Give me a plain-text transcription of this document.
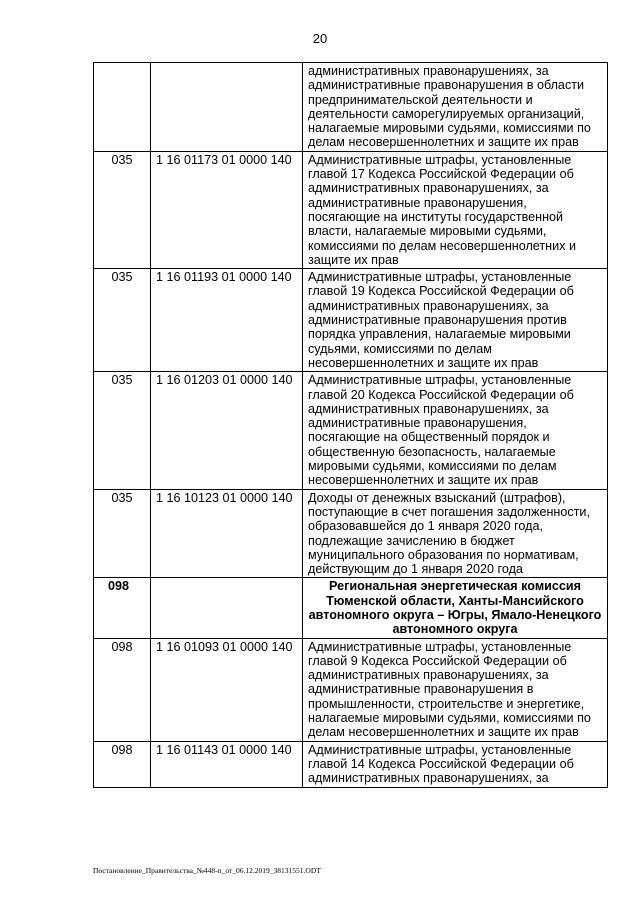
20
		административных правонарушениях, за административные правонарушения в области предпринимательской деятельности и деятельности саморегулируемых организаций, налагаемые мировыми судьями, комиссиями по делам несовершеннолетних и защите их прав
035	1 16 01173 01 0000 140	Административные штрафы, установленные главой 17 Кодекса Российской Федерации об административных правонарушениях, за административные правонарушения, посягающие на институты государственной власти, налагаемые мировыми судьями, комиссиями по делам несовершеннолетних и защите их прав
035	1 16 01193 01 0000 140	Административные штрафы, установленные главой 19 Кодекса Российской Федерации об административных правонарушениях, за административные правонарушения против порядка управления, налагаемые мировыми судьями, комиссиями по делам несовершеннолетних и защите их прав
035	1 16 01203 01 0000 140	Административные штрафы, установленные главой 20 Кодекса Российской Федерации об административных правонарушениях, за административные правонарушения, посягающие на общественный порядок и общественную безопасность, налагаемые мировыми судьями, комиссиями по делам несовершеннолетних и защите их прав
035	1 16 10123 01 0000 140	Доходы от денежных взысканий (штрафов), поступающие в счет погашения задолженности, образовавшейся до 1 января 2020 года, подлежащие зачислению в бюджет муниципального образования по нормативам, действующим до 1 января 2020 года
098		Региональная энергетическая комиссия Тюменской области, Ханты-Мансийского автономного округа – Югры, Ямало-Ненецкого автономного округа
098	1 16 01093 01 0000 140	Административные штрафы, установленные главой 9 Кодекса Российской Федерации об административных правонарушениях, за административные правонарушения в промышленности, строительстве и энергетике, налагаемые мировыми судьями, комиссиями по делам несовершеннолетних и защите их прав
098	1 16 01143 01 0000 140	Административные штрафы, установленные главой 14 Кодекса Российской Федерации об административных правонарушениях, за
Постановление_Правительства_№448-п_от_06.12.2019_38131551.ODT
